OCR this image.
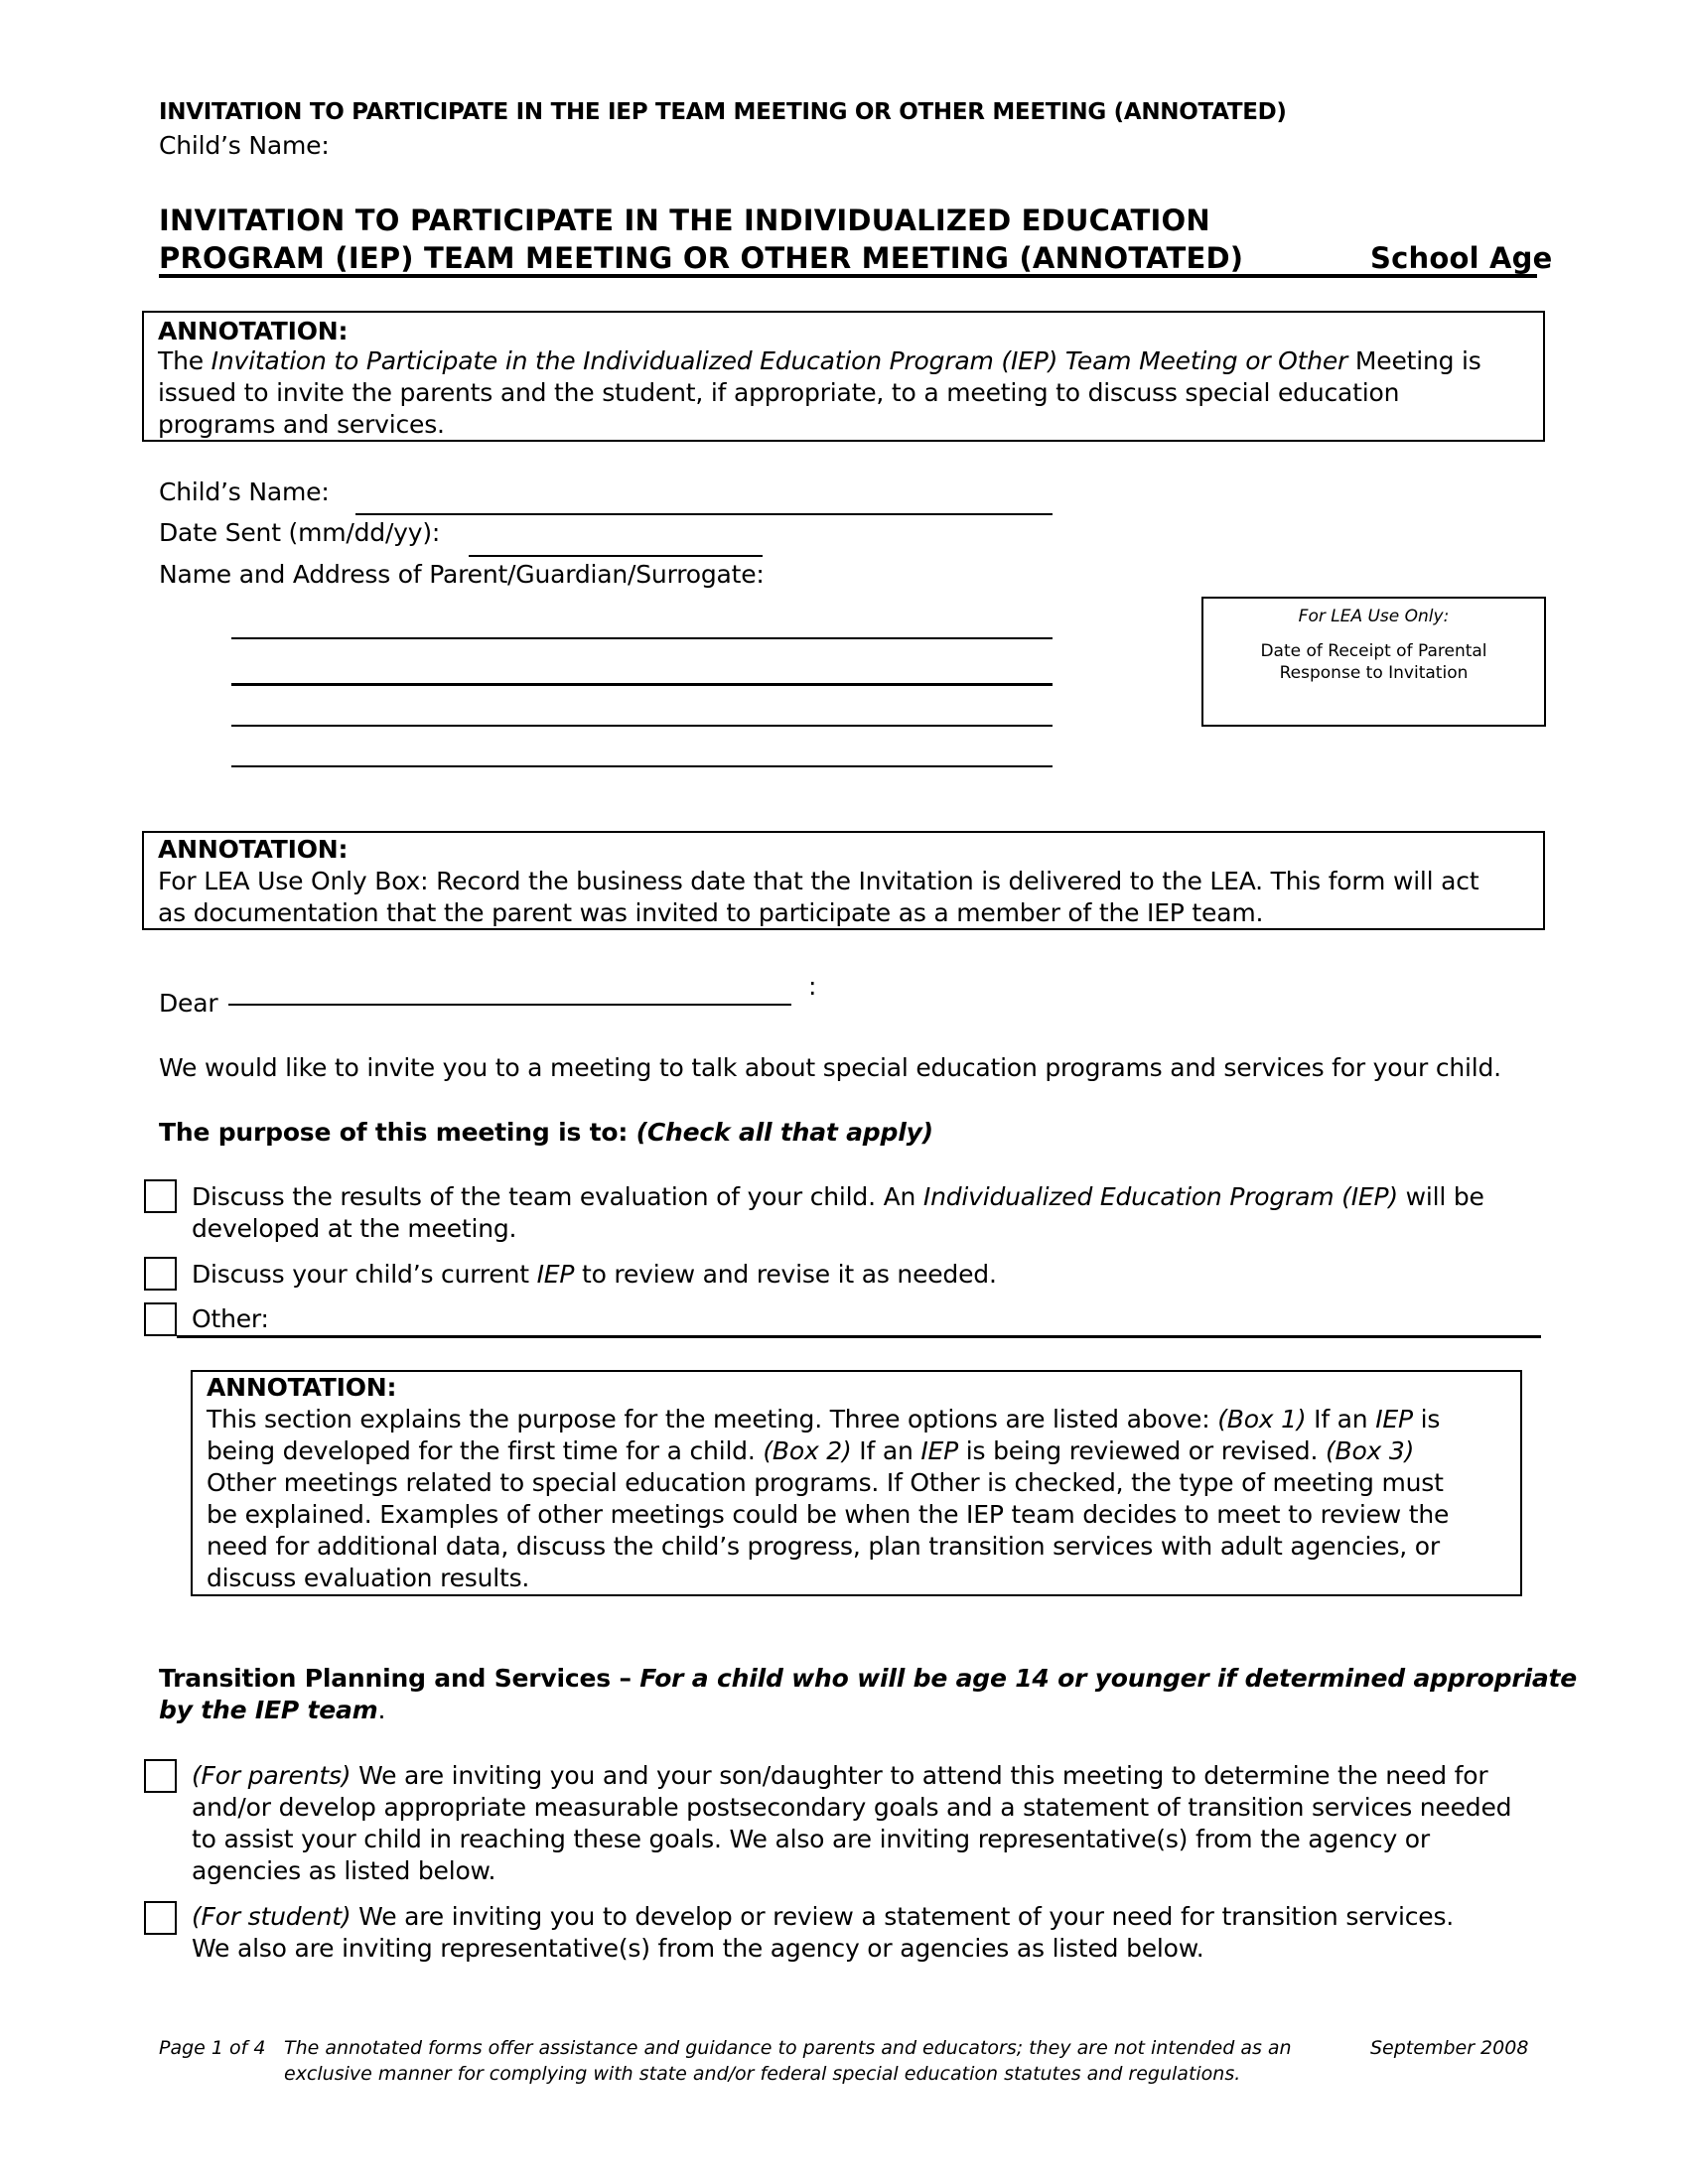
INVITATION TO PARTICIPATE IN THE IEP TEAM MEETING OR OTHER MEETING (ANNOTATED)
Child’s Name:
INVITATION TO PARTICIPATE IN THE INDIVIDUALIZED EDUCATION
PROGRAM (IEP) TEAM MEETING OR OTHER MEETING (ANNOTATED)	School Age
ANNOTATION:
The Invitation to Participate in the Individualized Education Program (IEP) Team Meeting or Other Meeting is
issued to invite the parents and the student, if appropriate, to a meeting to discuss special education
programs and services.
Child’s Name:
Date Sent (mm/dd/yy):
Name and Address of Parent/Guardian/Surrogate:
For LEA Use Only:
Date of Receipt of Parental
Response to Invitation
ANNOTATION:
For LEA Use Only Box: Record the business date that the Invitation is delivered to the LEA. This form will act
as documentation that the parent was invited to participate as a member of the IEP team.
Dear
:
We would like to invite you to a meeting to talk about special education programs and services for your child.
The purpose of this meeting is to: (Check all that apply)
Discuss the results of the team evaluation of your child. An Individualized Education Program (IEP) will be
developed at the meeting.
Discuss your child’s current IEP to review and revise it as needed.
Other:
ANNOTATION:
This section explains the purpose for the meeting. Three options are listed above: (Box 1) If an IEP is
being developed for the first time for a child. (Box 2) If an IEP is being reviewed or revised. (Box 3)
Other meetings related to special education programs. If Other is checked, the type of meeting must
be explained. Examples of other meetings could be when the IEP team decides to meet to review the
need for additional data, discuss the child’s progress, plan transition services with adult agencies, or
discuss evaluation results.
Transition Planning and Services – For a child who will be age 14 or younger if determined appropriate
by the IEP team.
(For parents) We are inviting you and your son/daughter to attend this meeting to determine the need for
and/or develop appropriate measurable postsecondary goals and a statement of transition services needed
to assist your child in reaching these goals. We also are inviting representative(s) from the agency or
agencies as listed below.
(For student) We are inviting you to develop or review a statement of your need for transition services.
We also are inviting representative(s) from the agency or agencies as listed below.
Page 1 of 4 The annotated forms offer assistance and guidance to parents and educators; they are not intended as an
exclusive manner for complying with state and/or federal special education statutes and regulations.
September 2008
